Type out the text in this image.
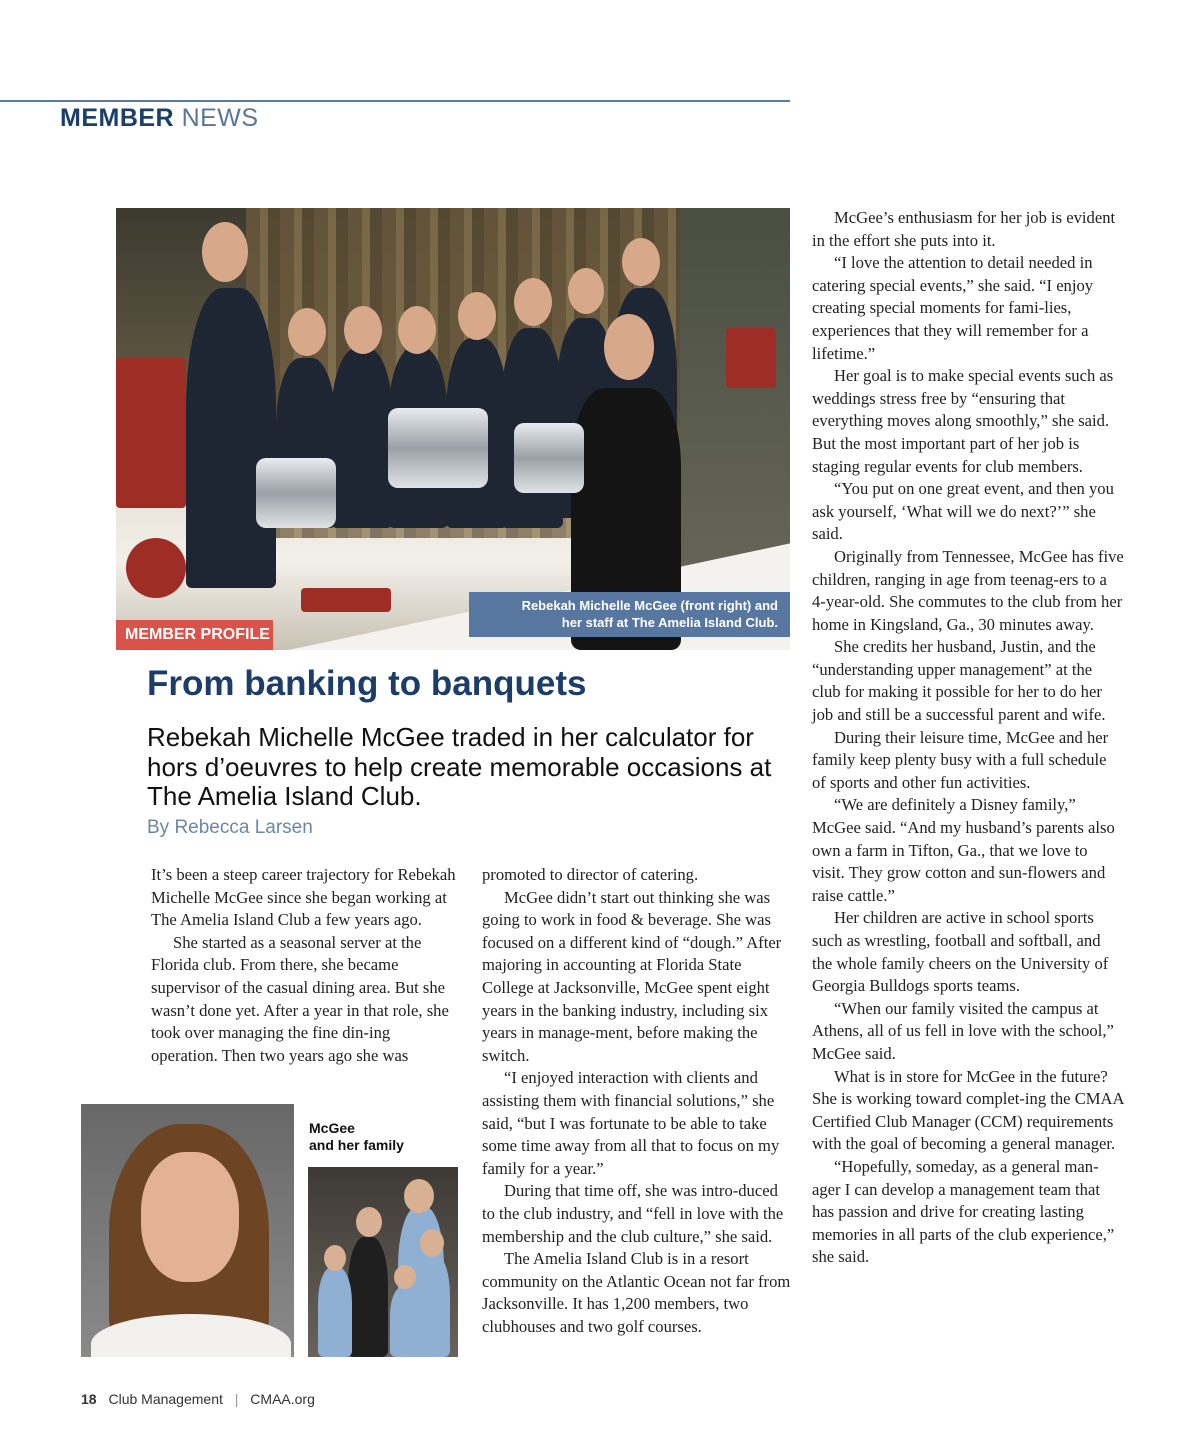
MEMBER NEWS
Rebekah Michelle McGee (front right) and
her staff at The Amelia Island Club.
MEMBER PROFILE
From banking to banquets
Rebekah Michelle McGee traded in her calculator for hors d’oeuvres to help create memorable occasions at The Amelia Island Club.
By Rebecca Larsen

It’s been a steep career trajectory for Rebekah Michelle McGee since she began working at The Amelia Island Club a few years ago.

She started as a seasonal server at the Florida club. From there, she became supervisor of the casual dining area. But she wasn’t done yet. After a year in that role, she took over managing the fine din-ing operation. Then two years ago she was

promoted to director of catering.

McGee didn’t start out thinking she was going to work in food & beverage. She was focused on a different kind of “dough.” After majoring in accounting at Florida State College at Jacksonville, McGee spent eight years in the banking industry, including six years in manage-ment, before making the switch.

“I enjoyed interaction with clients and assisting them with financial solutions,” she said, “but I was fortunate to be able to take some time away from all that to focus on my family for a year.”

During that time off, she was intro-duced to the club industry, and “fell in love with the membership and the club culture,” she said.

The Amelia Island Club is in a resort community on the Atlantic Ocean not far from Jacksonville. It has 1,200 members, two clubhouses and two golf courses.

McGee’s enthusiasm for her job is evident in the effort she puts into it.

“I love the attention to detail needed in catering special events,” she said. “I enjoy creating special moments for fami-lies, experiences that they will remember for a lifetime.”

Her goal is to make special events such as weddings stress free by “ensuring that everything moves along smoothly,” she said. But the most important part of her job is staging regular events for club members.

“You put on one great event, and then you ask yourself, ‘What will we do next?’” she said.

Originally from Tennessee, McGee has five children, ranging in age from teenag-ers to a 4-year-old. She commutes to the club from her home in Kingsland, Ga., 30 minutes away.

She credits her husband, Justin, and the “understanding upper management” at the club for making it possible for her to do her job and still be a successful parent and wife.

During their leisure time, McGee and her family keep plenty busy with a full schedule of sports and other fun activities.

“We are definitely a Disney family,” McGee said. “And my husband’s parents also own a farm in Tifton, Ga., that we love to visit. They grow cotton and sun-flowers and raise cattle.”

Her children are active in school sports such as wrestling, football and softball, and the whole family cheers on the University of Georgia Bulldogs sports teams.

“When our family visited the campus at Athens, all of us fell in love with the school,” McGee said.

What is in store for McGee in the future? She is working toward complet-ing the CMAA Certified Club Manager (CCM) requirements with the goal of becoming a general manager.

“Hopefully, someday, as a general man-ager I can develop a management team that has passion and drive for creating lasting memories in all parts of the club experience,” she said.

McGee
and her family
18 Club Management | CMAA.org
